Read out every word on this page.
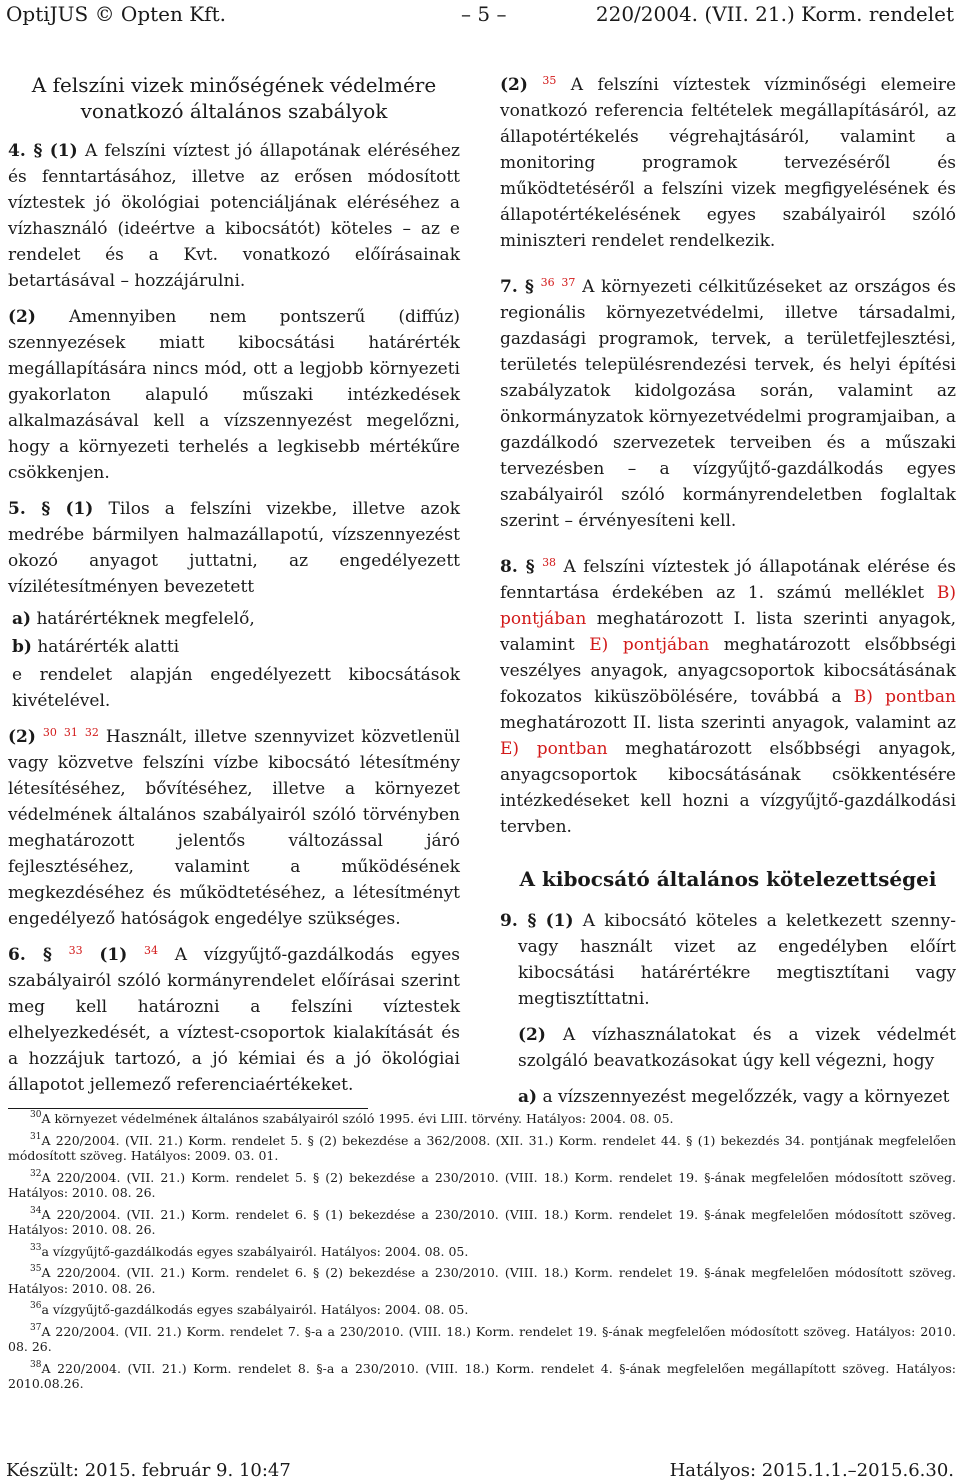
OptiJUS © Opten Kft.	– 5 –	220/2004. (VII. 21.) Korm. rendelet
A felszíni vizek minőségének védelmére
vonatkozó általános szabályok

4. § (1) A felszíni víztest jó állapotának eléréséhez és fenntartásához, illetve az erősen módosított víztestek jó ökológiai potenciáljának eléréséhez a vízhasználó (ideértve a kibocsátót) köteles – az e rendelet és a Kvt. vonatkozó előírásainak betartásával – hozzájárulni.

(2) Amennyiben nem pontszerű (diffúz) szennyezések miatt kibocsátási határérték megállapítására nincs mód, ott a legjobb környezeti gyakorlaton alapuló műszaki intézkedések alkalmazásával kell a vízszennyezést megelőzni, hogy a környezeti terhelés a legkisebb mértékűre csökkenjen.

5. § (1) Tilos a felszíni vizekbe, illetve azok medrébe bármilyen halmazállapotú, vízszennyezést okozó anyagot juttatni, az engedélyezett vízilétesítményen bevezetett

a) határértéknek megfelelő,

b) határérték alatti

e rendelet alapján engedélyezett kibocsátások kivételével.

(2) $^{30}$ $^{31}$ $^{32}$ Használt, illetve szennyvizet közvetlenül vagy közvetve felszíni vízbe kibocsátó létesítmény létesítéséhez, bővítéséhez, illetve a környezet védelmének általános szabályairól szóló törvényben meghatározott jelentős változással járó fejlesztéséhez, valamint a működésének megkezdéséhez és működtetéséhez, a létesítményt engedélyező hatóságok engedélye szükséges.

6. § $^{33}$ (1) $^{34}$ A vízgyűjtő-gazdálkodás egyes szabályairól szóló kormányrendelet előírásai szerint meg kell határozni a felszíni víztestek elhelyezkedését, a víztest-csoportok kialakítását és a hozzájuk tartozó, a jó kémiai és a jó ökológiai állapotot jellemező referenciaértékeket.

(2) $^{35}$ A felszíni víztestek vízminőségi elemeire vonatkozó referencia feltételek megállapításáról, az állapotértékelés végrehajtásáról, valamint a monitoring programok tervezéséről és működtetéséről a felszíni vizek megfigyelésének és állapotértékelésének egyes szabályairól szóló miniszteri rendelet rendelkezik.

7. § $^{36}$ $^{37}$ A környezeti célkitűzéseket az országos és regionális környezetvédelmi, illetve társadalmi, gazdasági programok, tervek, a területfejlesztési, területés településrendezési tervek, és helyi építési szabályzatok kidolgozása során, valamint az önkormányzatok környezetvédelmi programjaiban, a gazdálkodó szervezetek terveiben és a műszaki tervezésben – a vízgyűjtő-gazdálkodás egyes szabályairól szóló kormányrendeletben foglaltak szerint – érvényesíteni kell.

8. § $^{38}$ A felszíni víztestek jó állapotának elérése és fenntartása érdekében az 1. számú melléklet B) pontjában meghatározott I. lista szerinti anyagok, valamint E) pontjában meghatározott elsőbbségi veszélyes anyagok, anyagcsoportok kibocsátásának fokozatos kiküszöbölésére, továbbá a B) pontban meghatározott II. lista szerinti anyagok, valamint az E) pontban meghatározott elsőbbségi anyagok, anyagcsoportok kibocsátásának csökkentésére intézkedéseket kell hozni a vízgyűjtő-gazdálkodási tervben.

A kibocsátó általános kötelezettségei

9. § (1) A kibocsátó köteles a keletkezett szenny- vagy használt vizet az engedélyben előírt kibocsátási határértékre megtisztítani vagy megtisztíttatni.

(2) A vízhasználatokat és a vizek védelmét szolgáló beavatkozásokat úgy kell végezni, hogy

a) a vízszennyezést megelőzzék, vagy a környezet

$^{30}$A környezet védelmének általános szabályairól szóló 1995. évi LIII. törvény. Hatályos: 2004. 08. 05.

$^{31}$A 220/2004. (VII. 21.) Korm. rendelet 5. § (2) bekezdése a 362/2008. (XII. 31.) Korm. rendelet 44. § (1) bekezdés 34. pontjának megfelelően módosított szöveg. Hatályos: 2009. 03. 01.

$^{32}$A 220/2004. (VII. 21.) Korm. rendelet 5. § (2) bekezdése a 230/2010. (VIII. 18.) Korm. rendelet 19. §-ának megfelelően módosított szöveg. Hatályos: 2010. 08. 26.

$^{34}$A 220/2004. (VII. 21.) Korm. rendelet 6. § (1) bekezdése a 230/2010. (VIII. 18.) Korm. rendelet 19. §-ának megfelelően módosított szöveg. Hatályos: 2010. 08. 26.

$^{33}$a vízgyűjtő-gazdálkodás egyes szabályairól. Hatályos: 2004. 08. 05.

$^{35}$A 220/2004. (VII. 21.) Korm. rendelet 6. § (2) bekezdése a 230/2010. (VIII. 18.) Korm. rendelet 19. §-ának megfelelően módosított szöveg. Hatályos: 2010. 08. 26.

$^{36}$a vízgyűjtő-gazdálkodás egyes szabályairól. Hatályos: 2004. 08. 05.

$^{37}$A 220/2004. (VII. 21.) Korm. rendelet 7. §-a a 230/2010. (VIII. 18.) Korm. rendelet 19. §-ának megfelelően módosított szöveg. Hatályos: 2010. 08. 26.

$^{38}$A 220/2004. (VII. 21.) Korm. rendelet 8. §-a a 230/2010. (VIII. 18.) Korm. rendelet 4. §-ának megfelelően megállapított szöveg. Hatályos: 2010.08.26.

Készült: 2015. február 9. 10:47	Hatályos: 2015.1.1.–2015.6.30.
